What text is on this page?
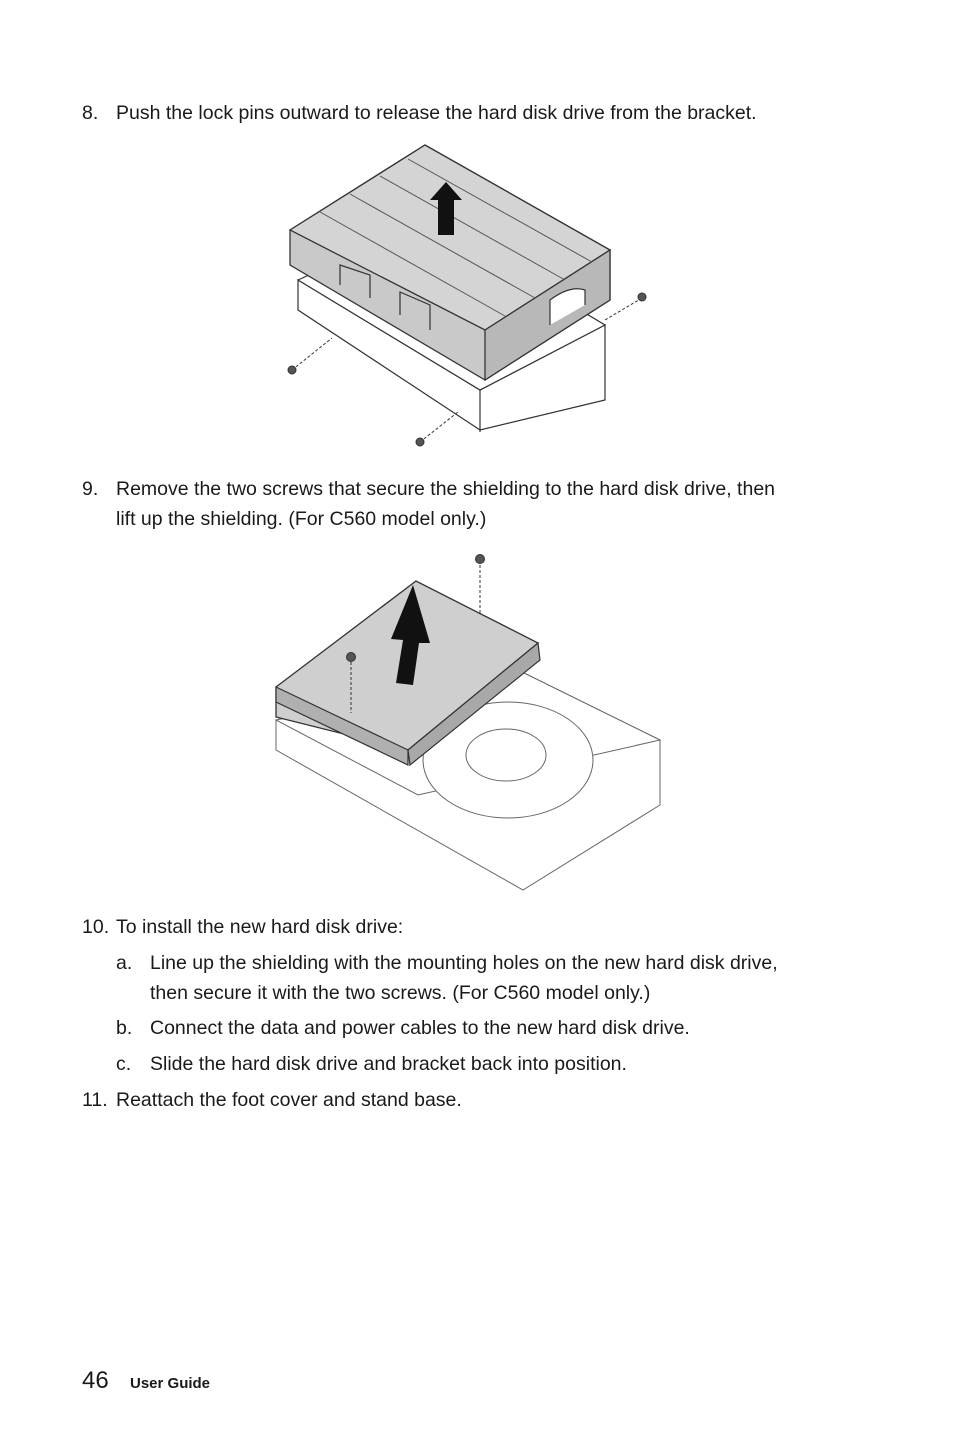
8. Push the lock pins outward to release the hard disk drive from the bracket.
9. Remove the two screws that secure the shielding to the hard disk drive, then
lift up the shielding. (For C560 model only.)
10. To install the new hard disk drive:
a. Line up the shielding with the mounting holes on the new hard disk drive,
then secure it with the two screws. (For C560 model only.)
b. Connect the data and power cables to the new hard disk drive.
c. Slide the hard disk drive and bracket back into position.
11. Reattach the foot cover and stand base.
46 User Guide
